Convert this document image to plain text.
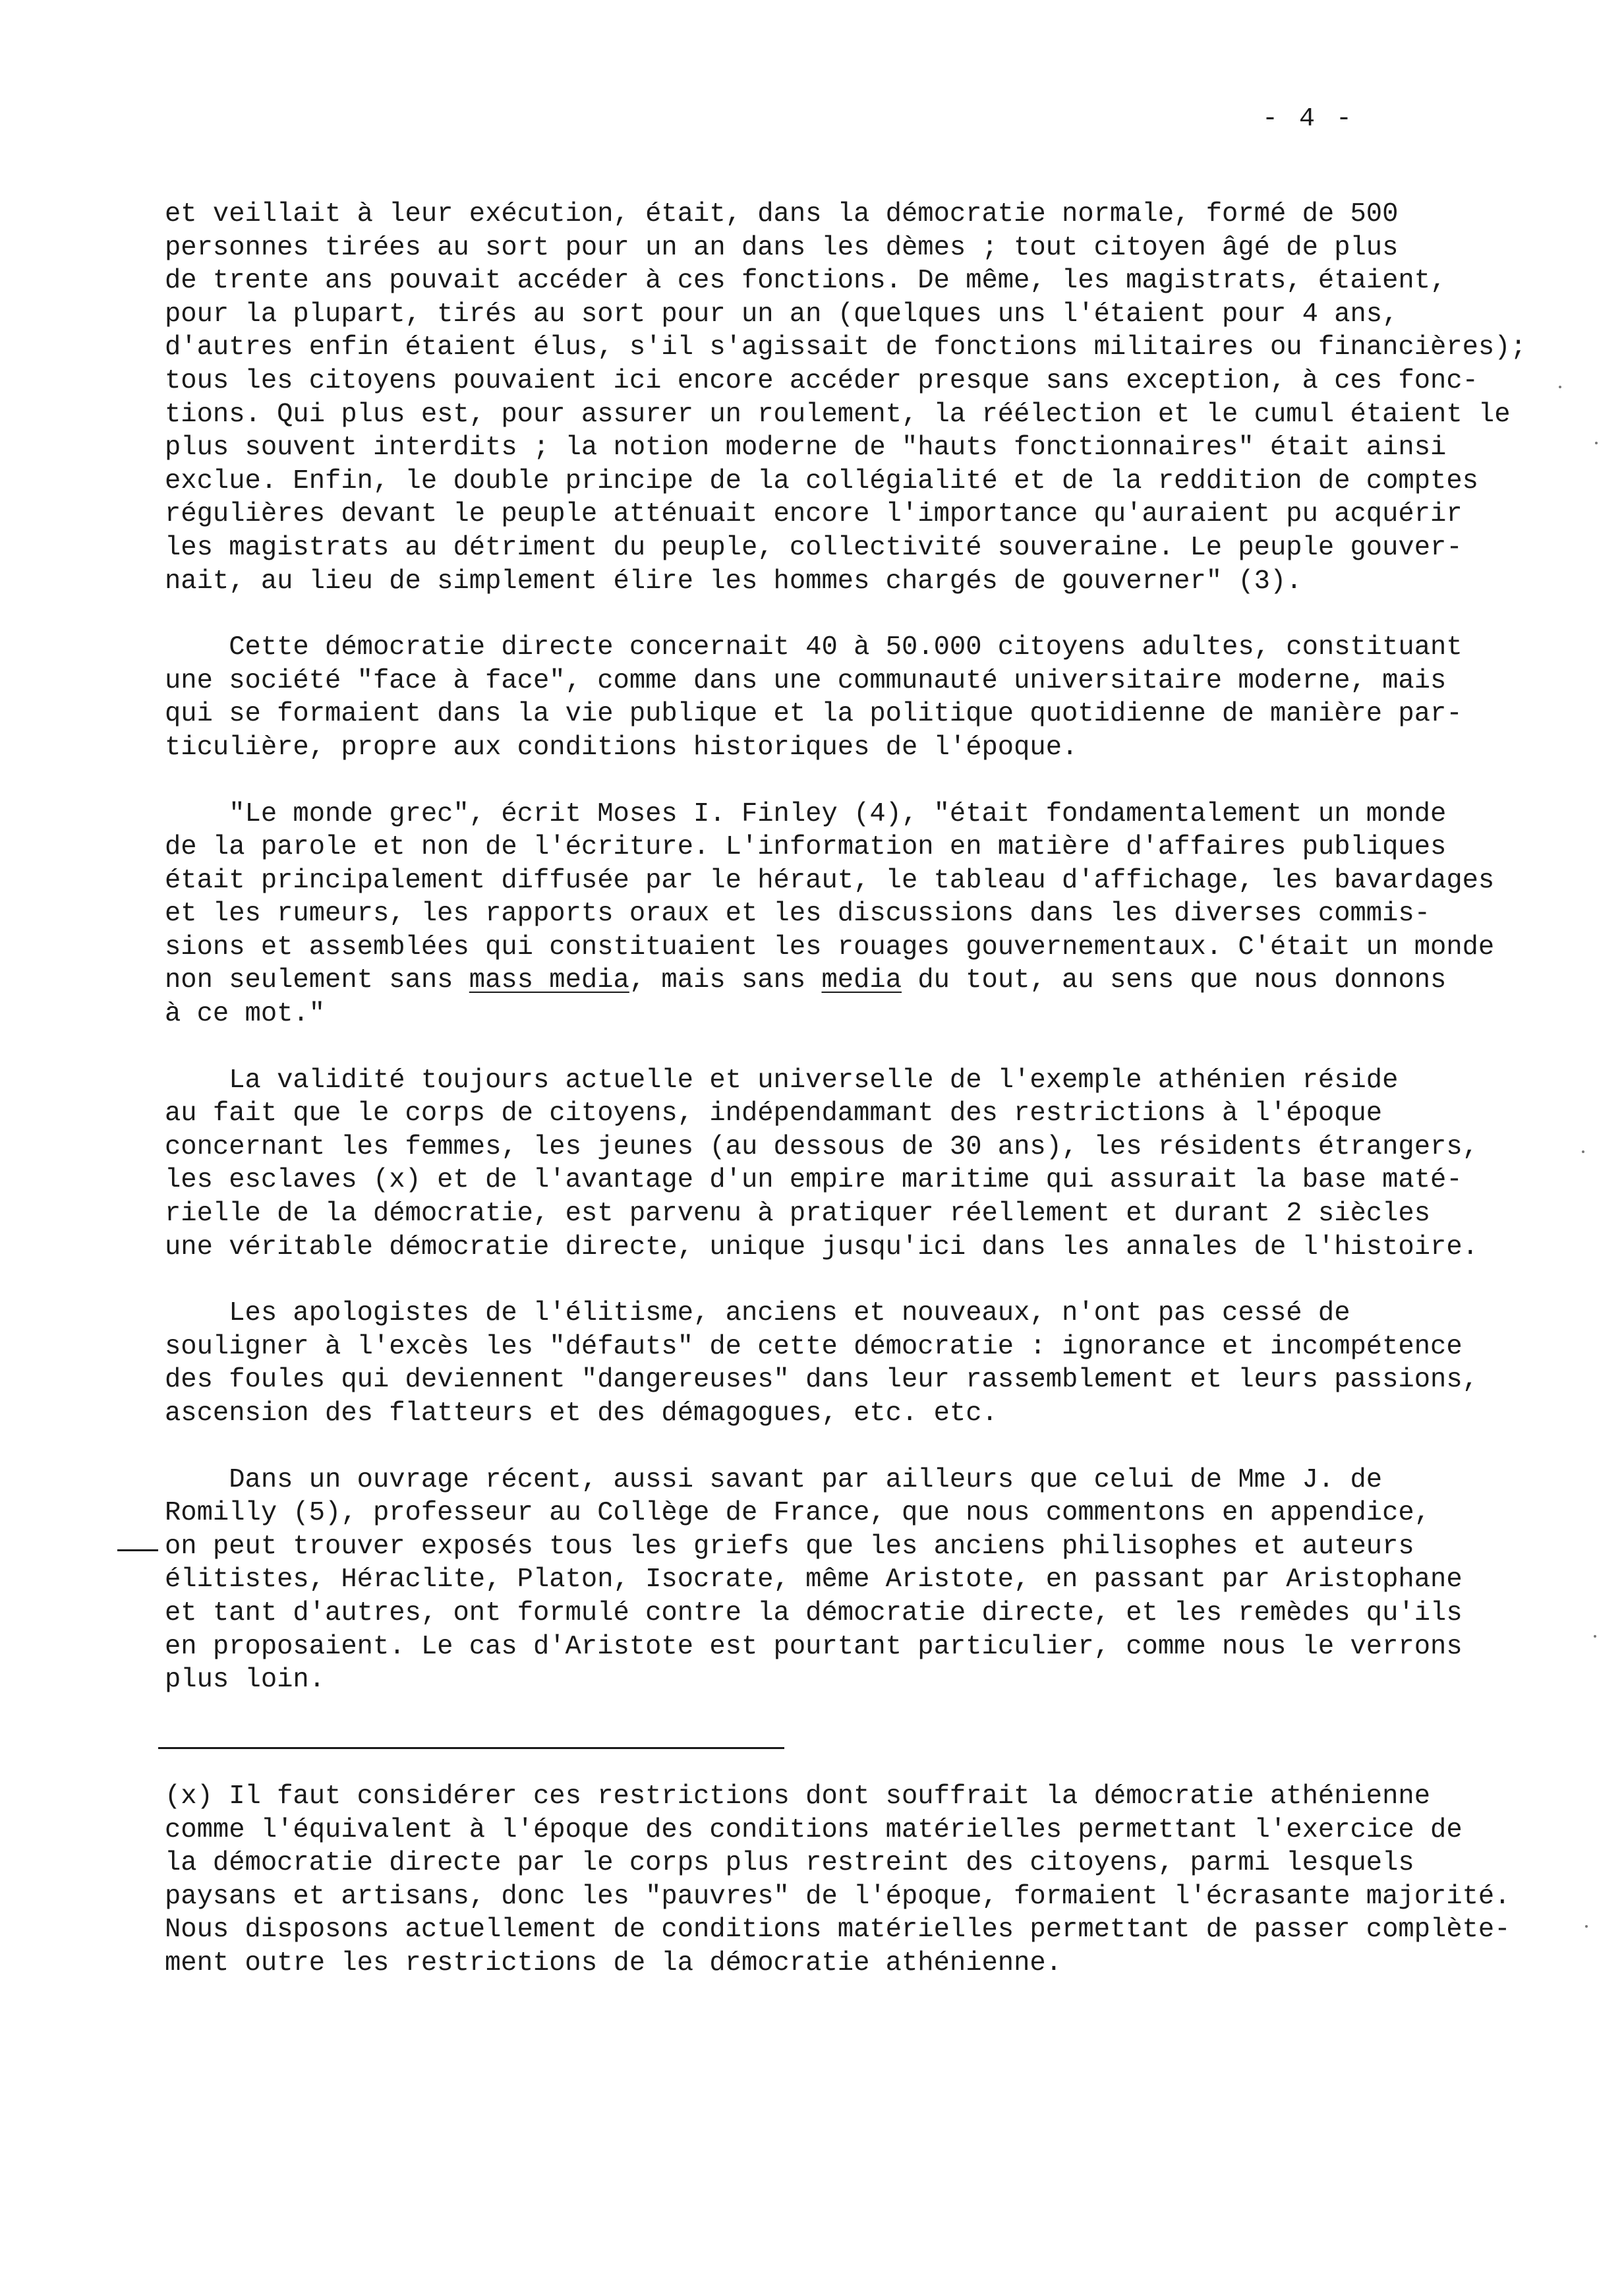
- 4 -
et veillait à leur exécution, était, dans la démocratie normale, formé de 500
personnes tirées au sort pour un an dans les dèmes ; tout citoyen âgé de plus
de trente ans pouvait accéder à ces fonctions. De même, les magistrats, étaient,
pour la plupart, tirés au sort pour un an (quelques uns l'étaient pour 4 ans,
d'autres enfin étaient élus, s'il s'agissait de fonctions militaires ou financières);
tous les citoyens pouvaient ici encore accéder presque sans exception, à ces fonc-
tions. Qui plus est, pour assurer un roulement, la réélection et le cumul étaient le
plus souvent interdits ; la notion moderne de "hauts fonctionnaires" était ainsi
exclue. Enfin, le double principe de la collégialité et de la reddition de comptes
régulières devant le peuple atténuait encore l'importance qu'auraient pu acquérir
les magistrats au détriment du peuple, collectivité souveraine. Le peuple gouver-
nait, au lieu de simplement élire les hommes chargés de gouverner" (3).
Cette démocratie directe concernait 40 à 50.000 citoyens adultes, constituant
une société "face à face", comme dans une communauté universitaire moderne, mais
qui se formaient dans la vie publique et la politique quotidienne de manière par-
ticulière, propre aux conditions historiques de l'époque.
"Le monde grec", écrit Moses I. Finley (4), "était fondamentalement un monde
de la parole et non de l'écriture. L'information en matière d'affaires publiques
était principalement diffusée par le héraut, le tableau d'affichage, les bavardages
et les rumeurs, les rapports oraux et les discussions dans les diverses commis-
sions et assemblées qui constituaient les rouages gouvernementaux. C'était un monde
non seulement sans mass media, mais sans media du tout, au sens que nous donnons
à ce mot."
La validité toujours actuelle et universelle de l'exemple athénien réside
au fait que le corps de citoyens, indépendammant des restrictions à l'époque
concernant les femmes, les jeunes (au dessous de 30 ans), les résidents étrangers,
les esclaves (x) et de l'avantage d'un empire maritime qui assurait la base maté-
rielle de la démocratie, est parvenu à pratiquer réellement et durant 2 siècles
une véritable démocratie directe, unique jusqu'ici dans les annales de l'histoire.
Les apologistes de l'élitisme, anciens et nouveaux, n'ont pas cessé de
souligner à l'excès les "défauts" de cette démocratie : ignorance et incompétence
des foules qui deviennent "dangereuses" dans leur rassemblement et leurs passions,
ascension des flatteurs et des démagogues, etc. etc.
Dans un ouvrage récent, aussi savant par ailleurs que celui de Mme J. de
Romilly (5), professeur au Collège de France, que nous commentons en appendice,
on peut trouver exposés tous les griefs que les anciens philisophes et auteurs
élitistes, Héraclite, Platon, Isocrate, même Aristote, en passant par Aristophane
et tant d'autres, ont formulé contre la démocratie directe, et les remèdes qu'ils
en proposaient. Le cas d'Aristote est pourtant particulier, comme nous le verrons
plus loin.
(x) Il faut considérer ces restrictions dont souffrait la démocratie athénienne
comme l'équivalent à l'époque des conditions matérielles permettant l'exercice de
la démocratie directe par le corps plus restreint des citoyens, parmi lesquels
paysans et artisans, donc les "pauvres" de l'époque, formaient l'écrasante majorité.
Nous disposons actuellement de conditions matérielles permettant de passer complète-
ment outre les restrictions de la démocratie athénienne.
